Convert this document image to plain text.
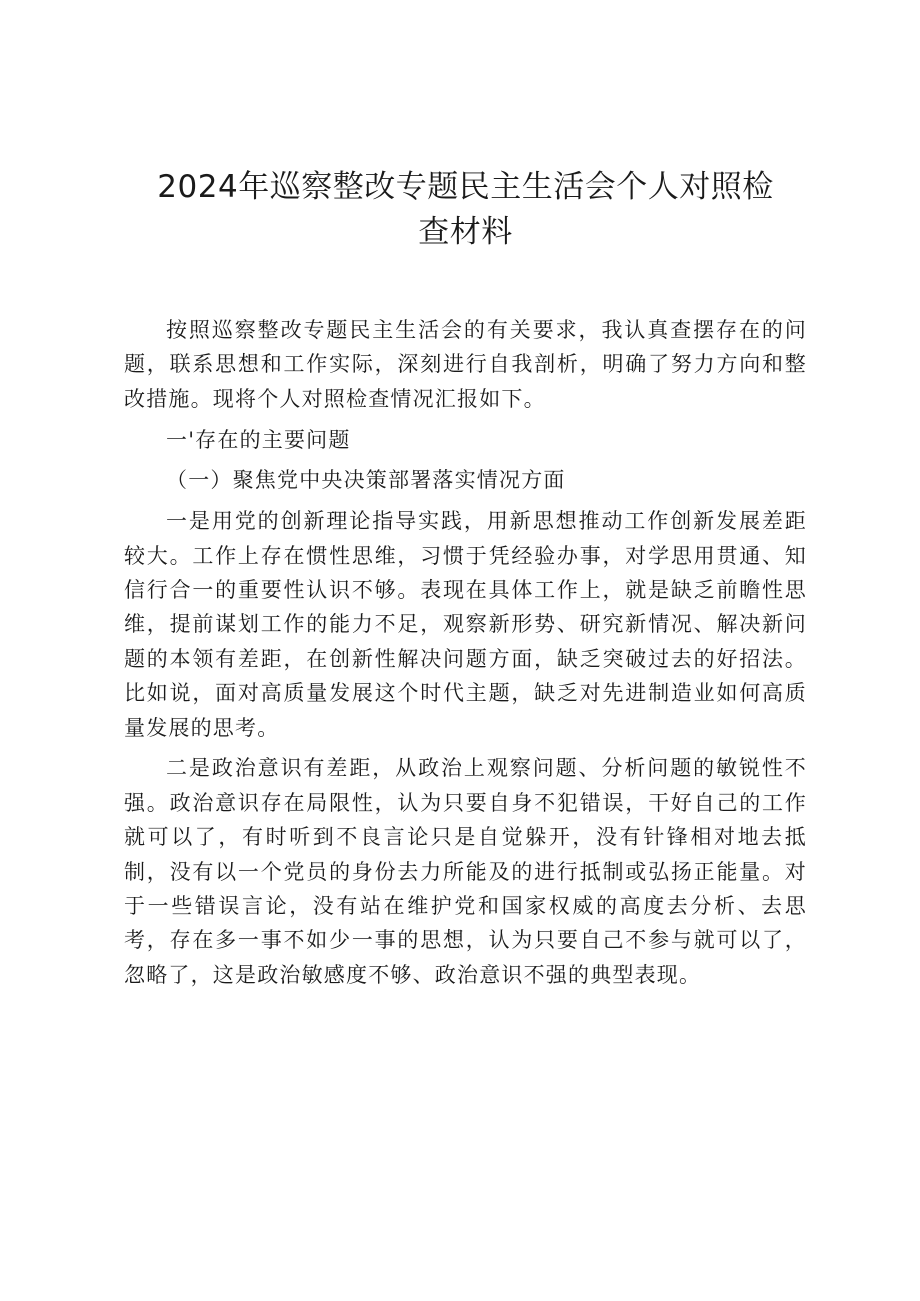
2024年巡察整改专题民主生活会个人对照检查材料

按照巡察整改专题民主生活会的有关要求，我认真查摆存在的问题，联系思想和工作实际，深刻进行自我剖析，明确了努力方向和整改措施。现将个人对照检查情况汇报如下。

一'存在的主要问题

（一）聚焦党中央决策部署落实情况方面

一是用党的创新理论指导实践，用新思想推动工作创新发展差距较大。工作上存在惯性思维，习惯于凭经验办事，对学思用贯通、知信行合一的重要性认识不够。表现在具体工作上，就是缺乏前瞻性思维，提前谋划工作的能力不足，观察新形势、研究新情况、解决新问题的本领有差距，在创新性解决问题方面，缺乏突破过去的好招法。比如说，面对高质量发展这个时代主题，缺乏对先进制造业如何高质量发展的思考。

二是政治意识有差距，从政治上观察问题、分析问题的敏锐性不强。政治意识存在局限性，认为只要自身不犯错误，干好自己的工作就可以了，有时听到不良言论只是自觉躲开，没有针锋相对地去抵制，没有以一个党员的身份去力所能及的进行抵制或弘扬正能量。对于一些错误言论，没有站在维护党和国家权威的高度去分析、去思考，存在多一事不如少一事的思想，认为只要自己不参与就可以了，忽略了，这是政治敏感度不够、政治意识不强的典型表现。
